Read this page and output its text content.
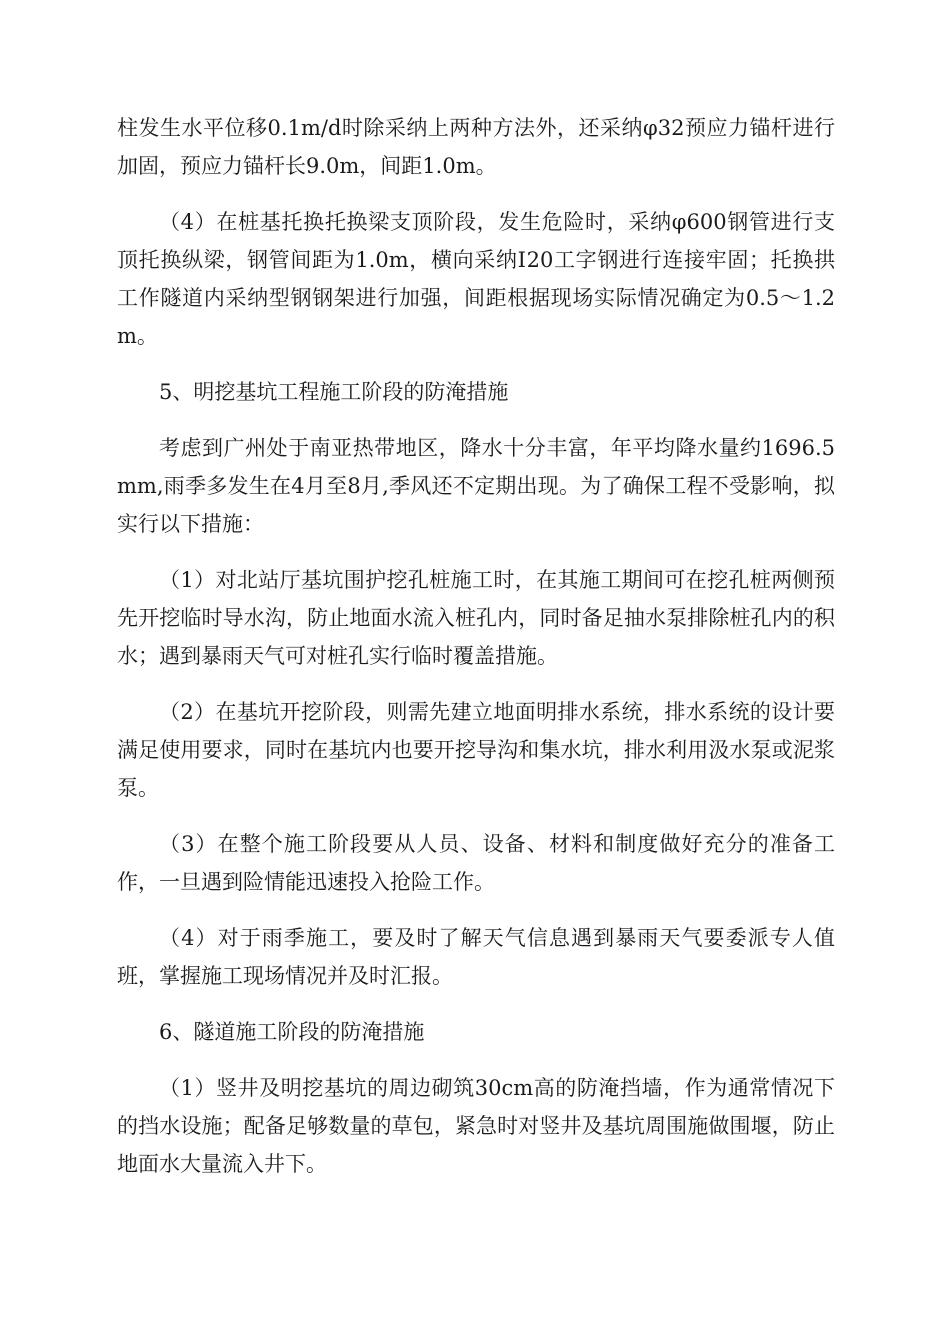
柱发生水平位移0.1m/d时除采纳上两种方法外，还采纳φ32预应力锚杆进行加固，预应力锚杆长9.0m，间距1.0m。

（4）在桩基托换托换梁支顶阶段，发生危险时，采纳φ600钢管进行支顶托换纵梁，钢管间距为1.0m，横向采纳Ⅰ20工字钢进行连接牢固；托换拱工作隧道内采纳型钢钢架进行加强，间距根据现场实际情况确定为0.5～1.2m。

5、明挖基坑工程施工阶段的防淹措施

考虑到广州处于南亚热带地区，降水十分丰富，年平均降水量约1696.5mm,雨季多发生在4月至8月,季风还不定期出现。为了确保工程不受影响，拟实行以下措施：

（1）对北站厅基坑围护挖孔桩施工时，在其施工期间可在挖孔桩两侧预先开挖临时导水沟，防止地面水流入桩孔内，同时备足抽水泵排除桩孔内的积水；遇到暴雨天气可对桩孔实行临时覆盖措施。

（2）在基坑开挖阶段，则需先建立地面明排水系统，排水系统的设计要满足使用要求，同时在基坑内也要开挖导沟和集水坑，排水利用汲水泵或泥浆泵。

（3）在整个施工阶段要从人员、设备、材料和制度做好充分的准备工作，一旦遇到险情能迅速投入抢险工作。

（4）对于雨季施工，要及时了解天气信息遇到暴雨天气要委派专人值班，掌握施工现场情况并及时汇报。

6、隧道施工阶段的防淹措施

（1）竖井及明挖基坑的周边砌筑30cm高的防淹挡墙，作为通常情况下的挡水设施；配备足够数量的草包，紧急时对竖井及基坑周围施做围堰，防止地面水大量流入井下。
